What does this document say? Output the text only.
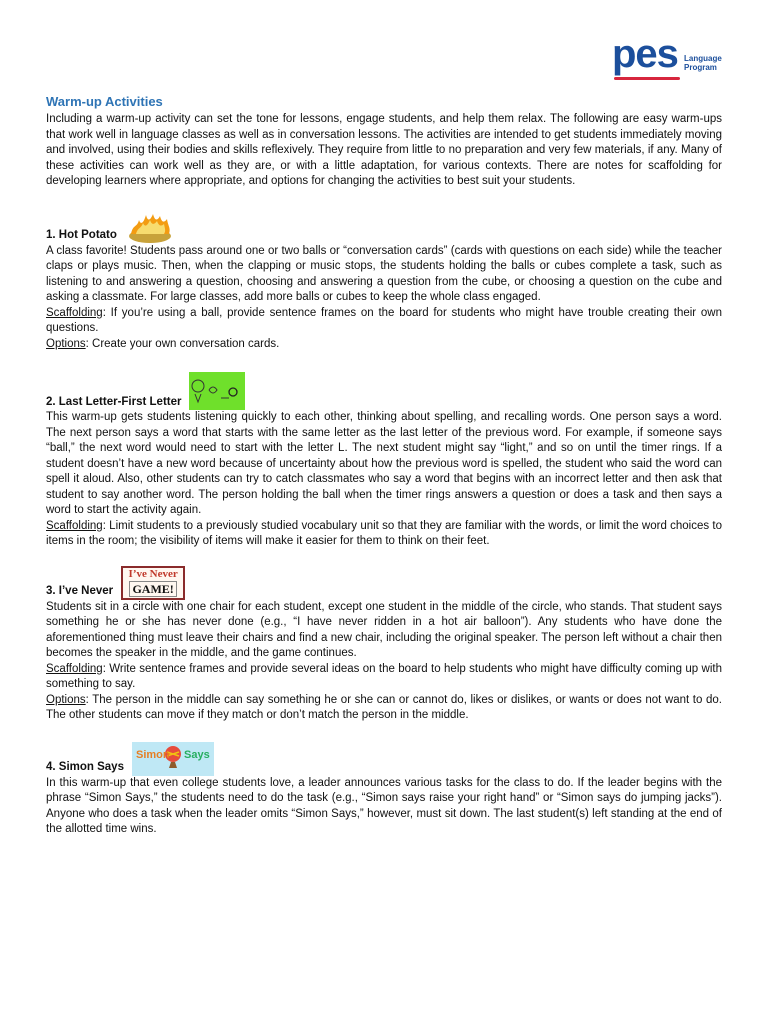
pes Language
Program
Warm-up Activities

Including a warm-up activity can set the tone for lessons, engage students, and help them relax. The following are easy warm-ups that work well in language classes as well as in conversation lessons. The activities are intended to get students immediately moving and involved, using their bodies and skills reflexively. They require from little to no preparation and very few materials, if any. Many of these activities can work well as they are, or with a little adaptation, for various contexts. There are notes for scaffolding for developing learners where appropriate, and options for changing the activities to best suit your students.

1. Hot Potato

A class favorite! Students pass around one or two balls or “conversation cards” (cards with questions on each side) while the teacher claps or plays music. Then, when the clapping or music stops, the students holding the balls or cubes complete a task, such as listening to and answering a question, choosing and answering a question from the cube, or choosing a question on the cube and asking a classmate. For large classes, add more balls or cubes to keep the whole class engaged.

Scaffolding: If you’re using a ball, provide sentence frames on the board for students who might have trouble creating their own questions.

Options: Create your own conversation cards.

2. Last Letter-First Letter

This warm-up gets students listening quickly to each other, thinking about spelling, and recalling words. One person says a word. The next person says a word that starts with the same letter as the last letter of the previous word. For example, if someone says “ball,” the next word would need to start with the letter L. The next student might say “light,” and so on until the timer rings. If a student doesn’t have a new word because of uncertainty about how the previous word is spelled, the student who said the word can spell it aloud. Also, other students can try to catch classmates who say a word that begins with an incorrect letter and then ask that student to say another word. The person holding the ball when the timer rings answers a question or does a task and then says a word to start the activity again.

Scaffolding: Limit students to a previously studied vocabulary unit so that they are familiar with the words, or limit the word choices to items in the room; the visibility of items will make it easier for them to think on their feet.

3. I’ve Never
I’ve Never
GAME!

Students sit in a circle with one chair for each student, except one student in the middle of the circle, who stands. That student says something he or she has never done (e.g., “I have never ridden in a hot air balloon”). Any students who have done the aforementioned thing must leave their chairs and find a new chair, including the original speaker. The person left without a chair then becomes the speaker in the middle, and the game continues.

Scaffolding: Write sentence frames and provide several ideas on the board to help students who might have difficulty coming up with something to say.

Options: The person in the middle can say something he or she can or cannot do, likes or dislikes, or wants or does not want to do. The other students can move if they match or don’t match the person in the middle.

4. Simon Says
Simon Says

In this warm-up that even college students love, a leader announces various tasks for the class to do. If the leader begins with the phrase “Simon Says,” the students need to do the task (e.g., “Simon says raise your right hand” or “Simon says do jumping jacks”). Anyone who does a task when the leader omits “Simon Says,” however, must sit down. The last student(s) left standing at the end of the allotted time wins.
